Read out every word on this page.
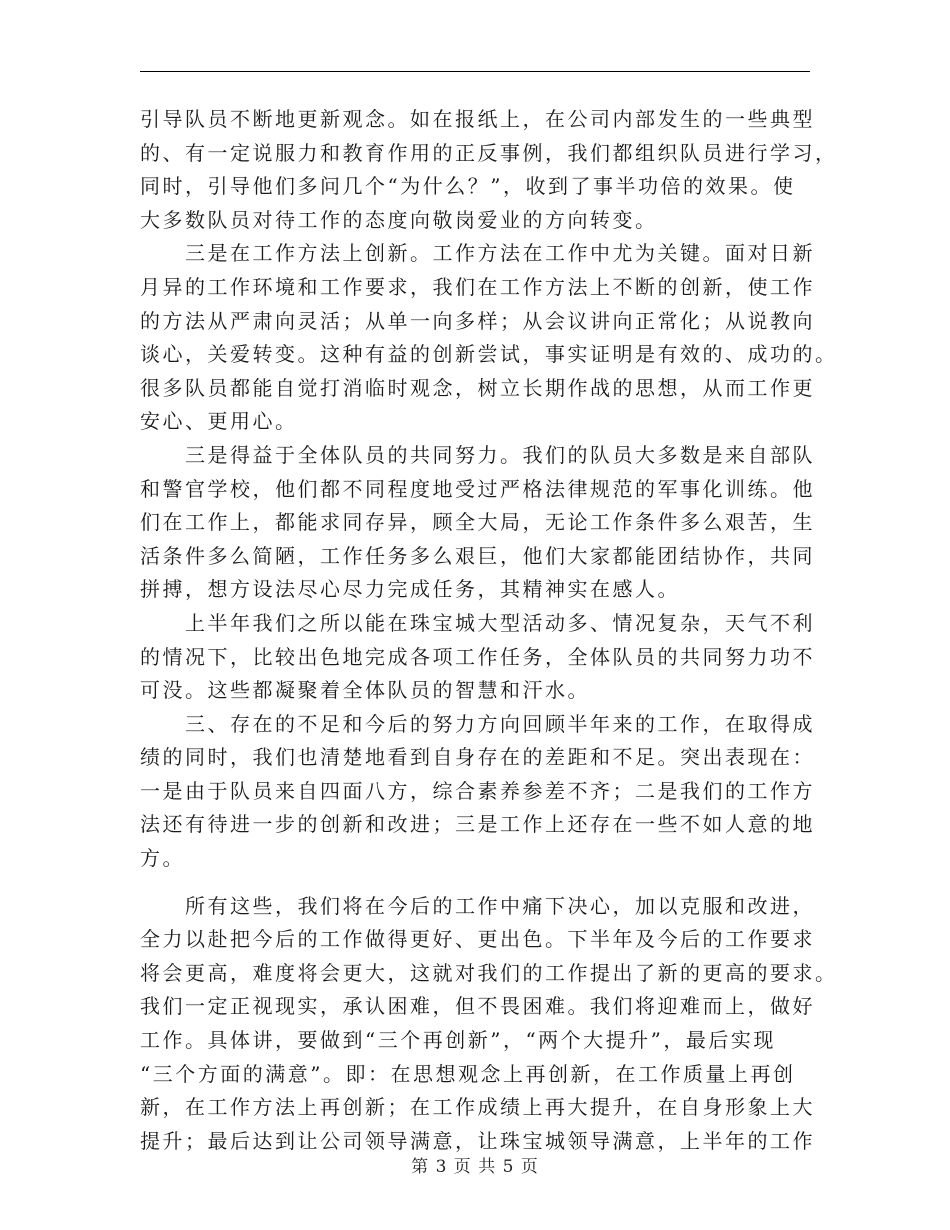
引导队员不断地更新观念。如在报纸上，在公司内部发生的一些典型
的、有一定说服力和教育作用的正反事例，我们都组织队员进行学习，
同时，引导他们多问几个“为什么？”，收到了事半功倍的效果。使
大多数队员对待工作的态度向敬岗爱业的方向转变。
　　三是在工作方法上创新。工作方法在工作中尤为关键。面对日新
月异的工作环境和工作要求，我们在工作方法上不断的创新，使工作
的方法从严肃向灵活；从单一向多样；从会议讲向正常化；从说教向
谈心，关爱转变。这种有益的创新尝试，事实证明是有效的、成功的。
很多队员都能自觉打消临时观念，树立长期作战的思想，从而工作更
安心、更用心。
　　三是得益于全体队员的共同努力。我们的队员大多数是来自部队
和警官学校，他们都不同程度地受过严格法律规范的军事化训练。他
们在工作上，都能求同存异，顾全大局，无论工作条件多么艰苦，生
活条件多么简陋，工作任务多么艰巨，他们大家都能团结协作，共同
拼搏，想方设法尽心尽力完成任务，其精神实在感人。
　　上半年我们之所以能在珠宝城大型活动多、情况复杂，天气不利
的情况下，比较出色地完成各项工作任务，全体队员的共同努力功不
可没。这些都凝聚着全体队员的智慧和汗水。
　　三、存在的不足和今后的努力方向回顾半年来的工作，在取得成
绩的同时，我们也清楚地看到自身存在的差距和不足。突出表现在：
一是由于队员来自四面八方，综合素养参差不齐；二是我们的工作方
法还有待进一步的创新和改进；三是工作上还存在一些不如人意的地
方。
　　所有这些，我们将在今后的工作中痛下决心，加以克服和改进，
全力以赴把今后的工作做得更好、更出色。下半年及今后的工作要求
将会更高，难度将会更大，这就对我们的工作提出了新的更高的要求。
我们一定正视现实，承认困难，但不畏困难。我们将迎难而上，做好
工作。具体讲，要做到“三个再创新”，“两个大提升”，最后实现
“三个方面的满意”。即：在思想观念上再创新，在工作质量上再创
新，在工作方法上再创新；在工作成绩上再大提升，在自身形象上大
提升；最后达到让公司领导满意，让珠宝城领导满意，上半年的工作
第 3 页 共 5 页
